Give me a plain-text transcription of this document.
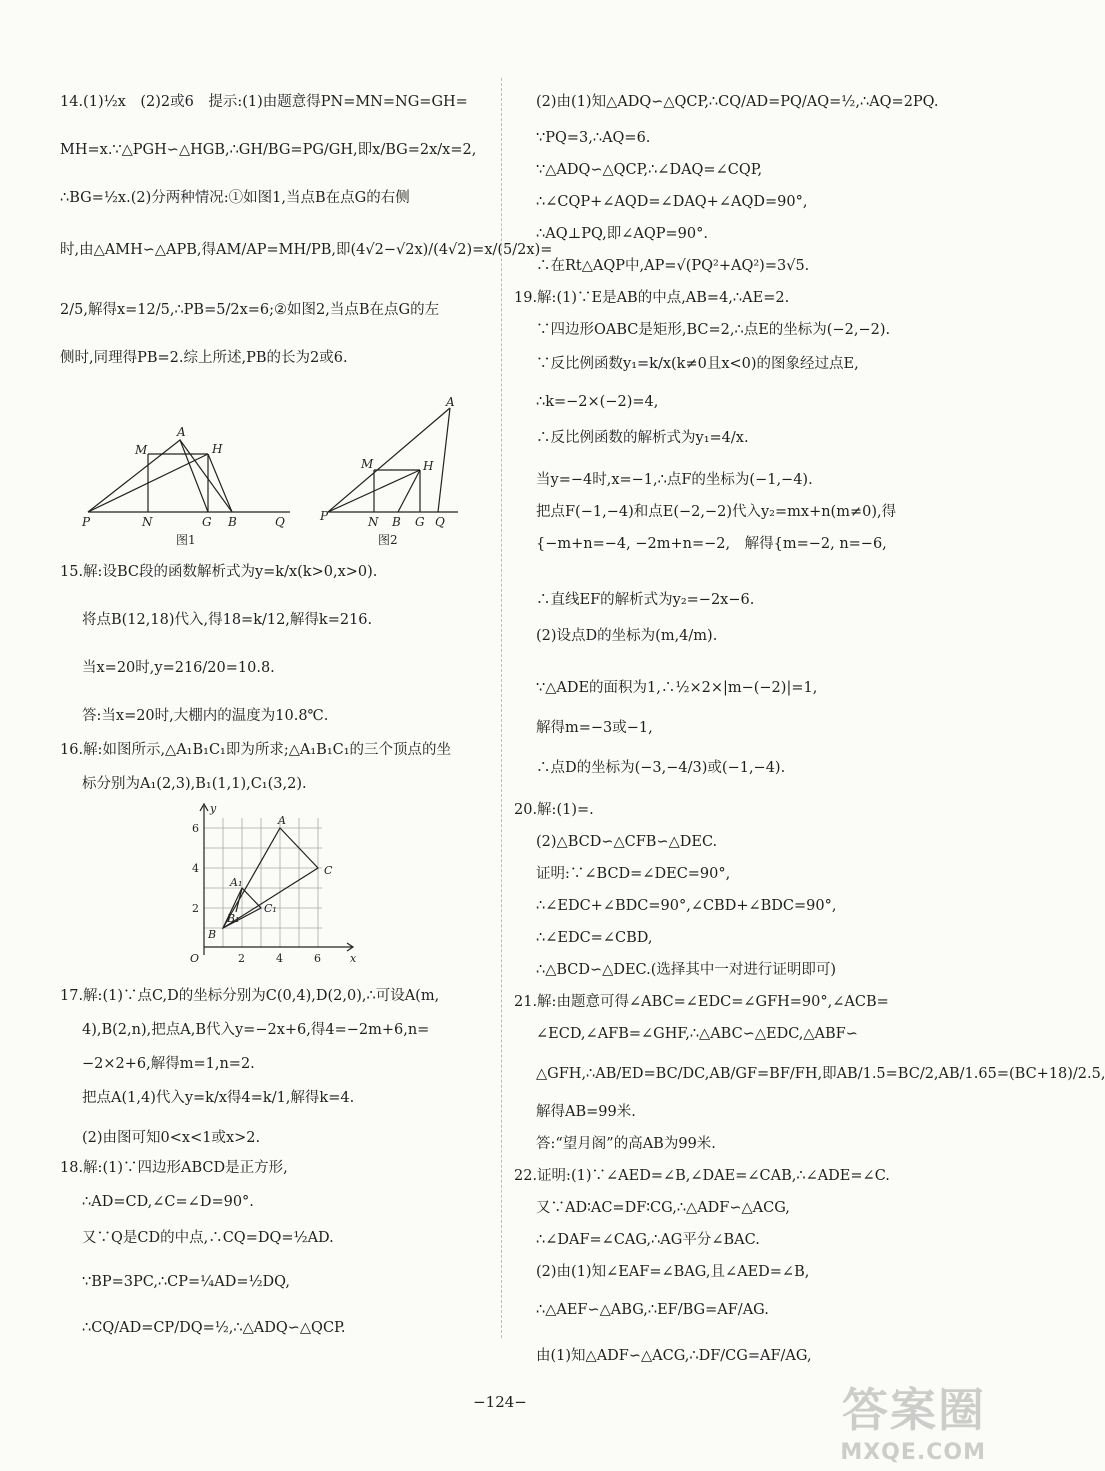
14.(1)½x　(2)2或6　提示:(1)由题意得PN=MN=NG=GH=
MH=x.∵△PGH∽△HGB,∴GH/BG=PG/GH,即x/BG=2x/x=2,
∴BG=½x.(2)分两种情况:①如图1,当点B在点G的右侧
时,由△AMH∽△APB,得AM/AP=MH/PB,即(4√2−√2x)/(4√2)=x/(5/2x)=
2/5,解得x=12/5,∴PB=5/2x=6;②如图2,当点B在点G的左
侧时,同理得PB=2.综上所述,PB的长为2或6.
15.解:设BC段的函数解析式为y=k/x(k>0,x>0).
将点B(12,18)代入,得18=k/12,解得k=216.
当x=20时,y=216/20=10.8.
答:当x=20时,大棚内的温度为10.8℃.
16.解:如图所示,△A₁B₁C₁即为所求;△A₁B₁C₁的三个顶点的坐
标分别为A₁(2,3),B₁(1,1),C₁(3,2).
17.解:(1)∵点C,D的坐标分别为C(0,4),D(2,0),∴可设A(m,
4),B(2,n),把点A,B代入y=−2x+6,得4=−2m+6,n=
−2×2+6,解得m=1,n=2.
把点A(1,4)代入y=k/x得4=k/1,解得k=4.
(2)由图可知0<x<1或x>2.
18.解:(1)∵四边形ABCD是正方形,
∴AD=CD,∠C=∠D=90°.
又∵Q是CD的中点,∴CQ=DQ=½AD.
∵BP=3PC,∴CP=¼AD=½DQ,
∴CQ/AD=CP/DQ=½,∴△ADQ∽△QCP.
(2)由(1)知△ADQ∽△QCP,∴CQ/AD=PQ/AQ=½,∴AQ=2PQ.
∵PQ=3,∴AQ=6.
∵△ADQ∽△QCP,∴∠DAQ=∠CQP,
∴∠CQP+∠AQD=∠DAQ+∠AQD=90°,
∴AQ⊥PQ,即∠AQP=90°.
∴在Rt△AQP中,AP=√(PQ²+AQ²)=3√5.
19.解:(1)∵E是AB的中点,AB=4,∴AE=2.
∵四边形OABC是矩形,BC=2,∴点E的坐标为(−2,−2).
∵反比例函数y₁=k/x(k≠0且x<0)的图象经过点E,
∴k=−2×(−2)=4,
∴反比例函数的解析式为y₁=4/x.
当y=−4时,x=−1,∴点F的坐标为(−1,−4).
把点F(−1,−4)和点E(−2,−2)代入y₂=mx+n(m≠0),得
{−m+n=−4, −2m+n=−2,　解得{m=−2, n=−6,
∴直线EF的解析式为y₂=−2x−6.
(2)设点D的坐标为(m,4/m).
∵△ADE的面积为1,∴½×2×|m−(−2)|=1,
解得m=−3或−1,
∴点D的坐标为(−3,−4/3)或(−1,−4).
20.解:(1)=.
(2)△BCD∽△CFB∽△DEC.
证明:∵∠BCD=∠DEC=90°,
∴∠EDC+∠BDC=90°,∠CBD+∠BDC=90°,
∴∠EDC=∠CBD,
∴△BCD∽△DEC.(选择其中一对进行证明即可)
21.解:由题意可得∠ABC=∠EDC=∠GFH=90°,∠ACB=
∠ECD,∠AFB=∠GHF,∴△ABC∽△EDC,△ABF∽
△GFH,∴AB/ED=BC/DC,AB/GF=BF/FH,即AB/1.5=BC/2,AB/1.65=(BC+18)/2.5,
解得AB=99米.
答:“望月阁”的高AB为99米.
22.证明:(1)∵∠AED=∠B,∠DAE=∠CAB,∴∠ADE=∠C.
又∵AD∶AC=DF∶CG,∴△ADF∽△ACG,
∴∠DAF=∠CAG,∴AG平分∠BAC.
(2)由(1)知∠EAF=∠BAG,且∠AED=∠B,
∴△AEF∽△ABG,∴EF/BG=AF/AG.
由(1)知△ADF∽△ACG,∴DF/CG=AF/AG,
A
M	H
P	N	G B	Q
A
M	H
P	N B G Q
图1	图2
y
x
O
A
B
C
A₁
B₁
C₁
2	4	6
2
4
6
−124−	答案圈
MXQE.COM
